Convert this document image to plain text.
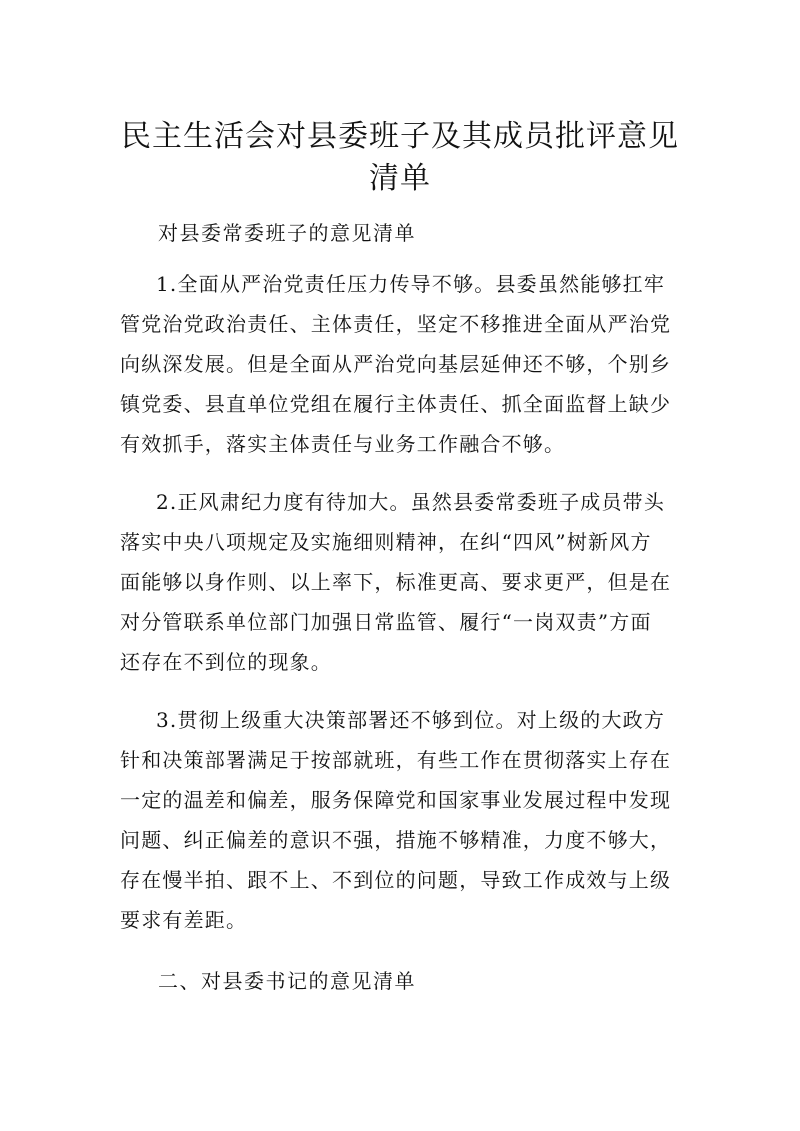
民主生活会对县委班子及其成员批评意见
清单
对县委常委班子的意见清单
1.全面从严治党责任压力传导不够。县委虽然能够扛牢
管党治党政治责任、主体责任，坚定不移推进全面从严治党
向纵深发展。但是全面从严治党向基层延伸还不够，个别乡
镇党委、县直单位党组在履行主体责任、抓全面监督上缺少
有效抓手，落实主体责任与业务工作融合不够。
2.正风肃纪力度有待加大。虽然县委常委班子成员带头
落实中央八项规定及实施细则精神，在纠“四风”树新风方
面能够以身作则、以上率下，标准更高、要求更严，但是在
对分管联系单位部门加强日常监管、履行“一岗双责”方面
还存在不到位的现象。
3.贯彻上级重大决策部署还不够到位。对上级的大政方
针和决策部署满足于按部就班，有些工作在贯彻落实上存在
一定的温差和偏差，服务保障党和国家事业发展过程中发现
问题、纠正偏差的意识不强，措施不够精准，力度不够大，
存在慢半拍、跟不上、不到位的问题，导致工作成效与上级
要求有差距。
二、对县委书记的意见清单
